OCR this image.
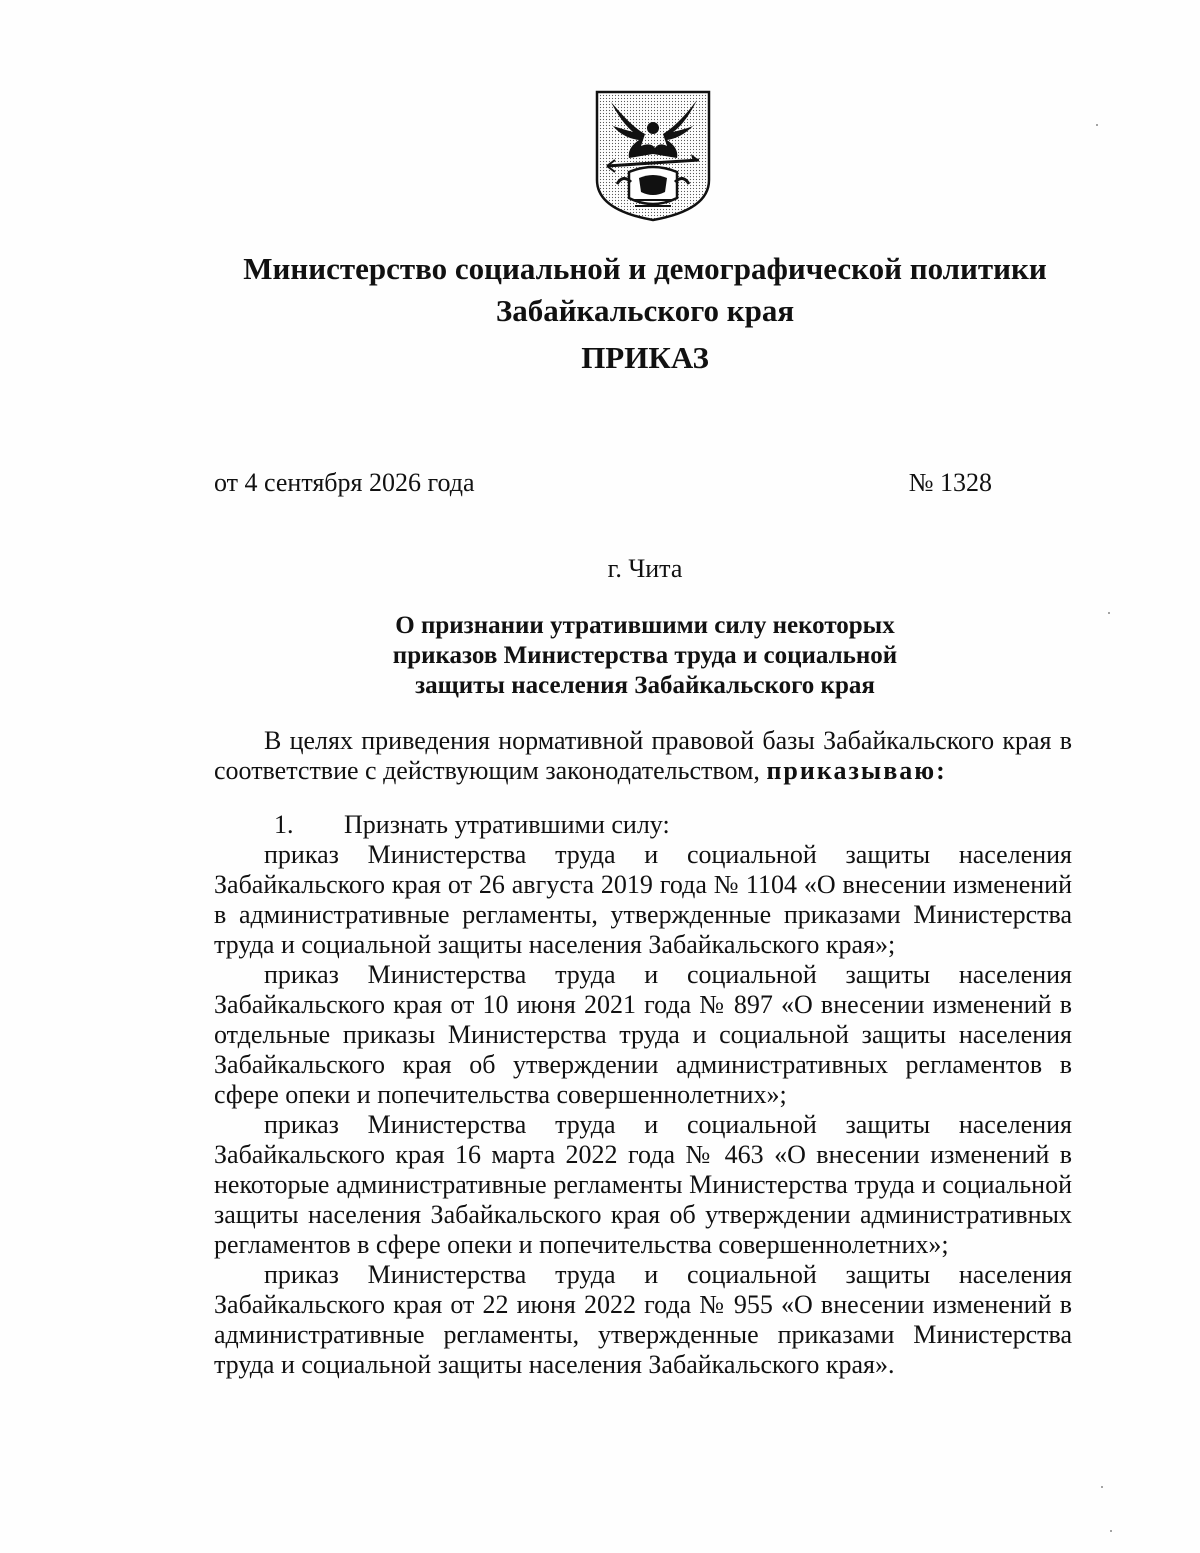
Министерство социальной и демографической политики
Забайкальского края
ПРИКАЗ
от 4 сентября 2026 года	№ 1328
г. Чита
О признании утратившими силу некоторых
приказов Министерства труда и социальной
защиты населения Забайкальского края

В целях приведения нормативной правовой базы Забайкальского края в соответствие с действующим законодательством, приказываю:

1. Признать утратившими силу:

приказ Министерства труда и социальной защиты населения Забайкальского края от 26 августа 2019 года № 1104 «О внесении изменений в административные регламенты, утвержденные приказами Министерства труда и социальной защиты населения Забайкальского края»;

приказ Министерства труда и социальной защиты населения Забайкальского края от 10 июня 2021 года № 897 «О внесении изменений в отдельные приказы Министерства труда и социальной защиты населения Забайкальского края об утверждении административных регламентов в сфере опеки и попечительства совершеннолетних»;

приказ Министерства труда и социальной защиты населения Забайкальского края 16 марта 2022 года № 463 «О внесении изменений в некоторые административные регламенты Министерства труда и социальной защиты населения Забайкальского края об утверждении административных регламентов в сфере опеки и попечительства совершеннолетних»;

приказ Министерства труда и социальной защиты населения Забайкальского края от 22 июня 2022 года № 955 «О внесении изменений в административные регламенты, утвержденные приказами Министерства труда и социальной защиты населения Забайкальского края».
